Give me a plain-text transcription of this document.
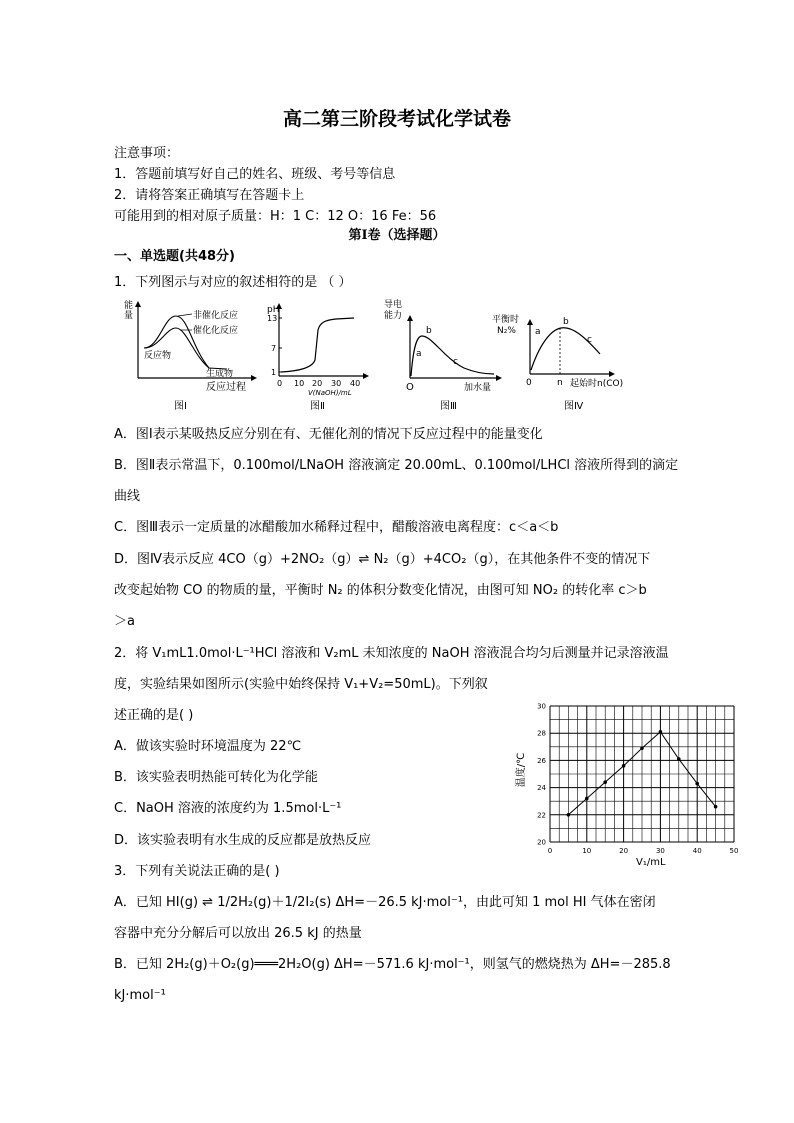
高二第三阶段考试化学试卷
注意事项：
1．答题前填写好自己的姓名、班级、考号等信息
2．请将答案正确填写在答题卡上
可能用到的相对原子质量：H：1 C：12 O：16 Fe：56
第Ⅰ卷（选择题）
一、单选题(共48分)
1．下列图示与对应的叙述相符的是 （ ）
能
量	非催化反应
催化化反应
反应物
生成物
反应过程
图Ⅰ
pH
13
7
1
0 10 20 30 40
V(NaOH)/mL
图Ⅱ
导电
能力
b
a
c
O	加水量
图Ⅲ
平衡时
N₂% a
b
c
0	n 起始时n(CO)
图Ⅳ
A．图Ⅰ表示某吸热反应分别在有、无催化剂的情况下反应过程中的能量变化
B．图Ⅱ表示常温下，0.100mol/LNaOH 溶液滴定 20.00mL、0.100mol/LHCl 溶液所得到的滴定
曲线
C．图Ⅲ表示一定质量的冰醋酸加水稀释过程中，醋酸溶液电离程度：c＜a＜b
D．图Ⅳ表示反应 4CO（g）+2NO₂（g）⇌ N₂（g）+4CO₂（g），在其他条件不变的情况下
改变起始物 CO 的物质的量，平衡时 N₂ 的体积分数变化情况，由图可知 NO₂ 的转化率 c＞b
＞a
2．将 V₁mL1.0mol·L⁻¹HCl 溶液和 V₂mL 未知浓度的 NaOH 溶液混合均匀后测量并记录溶液温
度，实验结果如图所示(实验中始终保持 V₁+V₂=50mL)。下列叙
述正确的是( )
A．做该实验时环境温度为 22℃
B．该实验表明热能可转化为化学能
C．NaOH 溶液的浓度约为 1.5mol·L⁻¹
D．该实验表明有水生成的反应都是放热反应
0	10	20	30	40	50
20
22
24
26
28
30
V₁/mL
温度/℃
3．下列有关说法正确的是( )
A．已知 HI(g) ⇌ 1/2H₂(g)＋1/2I₂(s) ΔH=－26.5 kJ·mol⁻¹，由此可知 1 mol HI 气体在密闭
容器中充分分解后可以放出 26.5 kJ 的热量
B．已知 2H₂(g)＋O₂(g)═══2H₂O(g) ΔH=－571.6 kJ·mol⁻¹，则氢气的燃烧热为 ΔH=－285.8
kJ·mol⁻¹
